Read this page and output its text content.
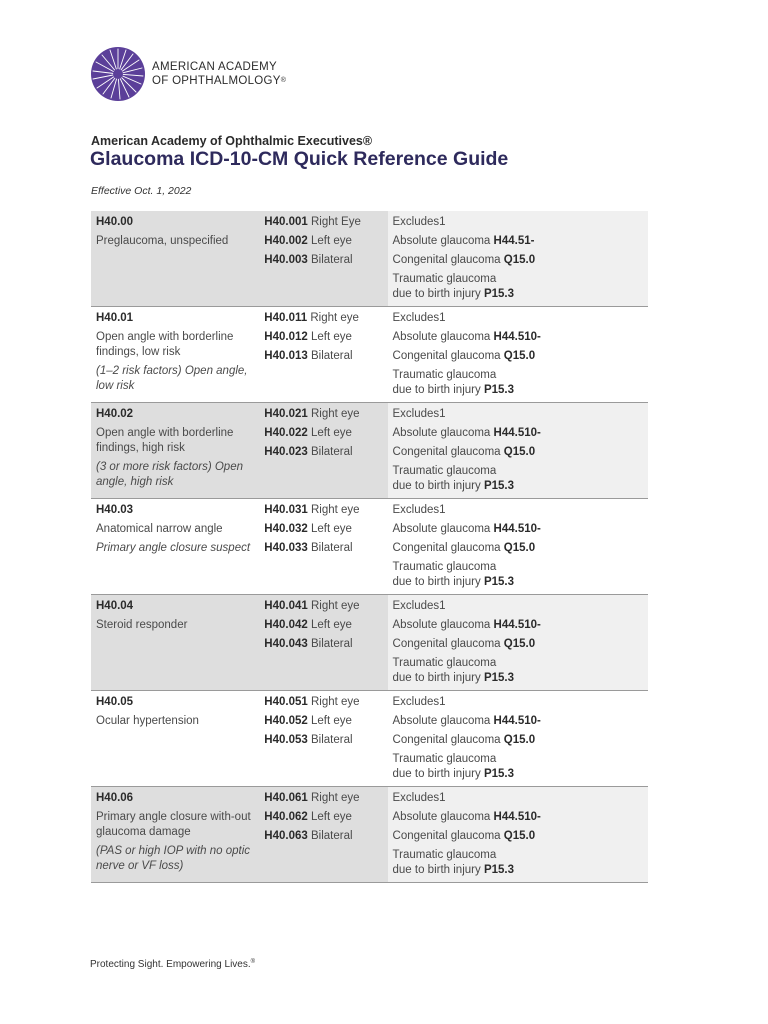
AMERICAN ACADEMY
OF OPHTHALMOLOGY®
American Academy of Ophthalmic Executives®
Glaucoma ICD-10-CM Quick Reference Guide
Effective Oct. 1, 2022
H40.00
Preglaucoma, unspecified	H40.001 Right Eye
H40.002 Left eye
H40.003 Bilateral	Excludes1
Absolute glaucoma H44.51-
Congenital glaucoma Q15.0
Traumatic glaucoma
due to birth injury P15.3

H40.01
Open angle with borderline findings, low risk
(1–2 risk factors) Open angle, low risk	H40.011 Right eye
H40.012 Left eye
H40.013 Bilateral	Excludes1
Absolute glaucoma H44.510-
Congenital glaucoma Q15.0
Traumatic glaucoma
due to birth injury P15.3

H40.02
Open angle with borderline findings, high risk
(3 or more risk factors) Open angle, high risk	H40.021 Right eye
H40.022 Left eye
H40.023 Bilateral	Excludes1
Absolute glaucoma H44.510-
Congenital glaucoma Q15.0
Traumatic glaucoma
due to birth injury P15.3

H40.03
Anatomical narrow angle
Primary angle closure suspect	H40.031 Right eye
H40.032 Left eye
H40.033 Bilateral	Excludes1
Absolute glaucoma H44.510-
Congenital glaucoma Q15.0
Traumatic glaucoma
due to birth injury P15.3

H40.04
Steroid responder	H40.041 Right eye
H40.042 Left eye
H40.043 Bilateral	Excludes1
Absolute glaucoma H44.510-
Congenital glaucoma Q15.0
Traumatic glaucoma
due to birth injury P15.3

H40.05
Ocular hypertension	H40.051 Right eye
H40.052 Left eye
H40.053 Bilateral	Excludes1
Absolute glaucoma H44.510-
Congenital glaucoma Q15.0
Traumatic glaucoma
due to birth injury P15.3

H40.06
Primary angle closure with-out glaucoma damage
(PAS or high IOP with no optic nerve or VF loss)	H40.061 Right eye
H40.062 Left eye
H40.063 Bilateral	Excludes1
Absolute glaucoma H44.510-
Congenital glaucoma Q15.0
Traumatic glaucoma
due to birth injury P15.3
Protecting Sight. Empowering Lives.®
